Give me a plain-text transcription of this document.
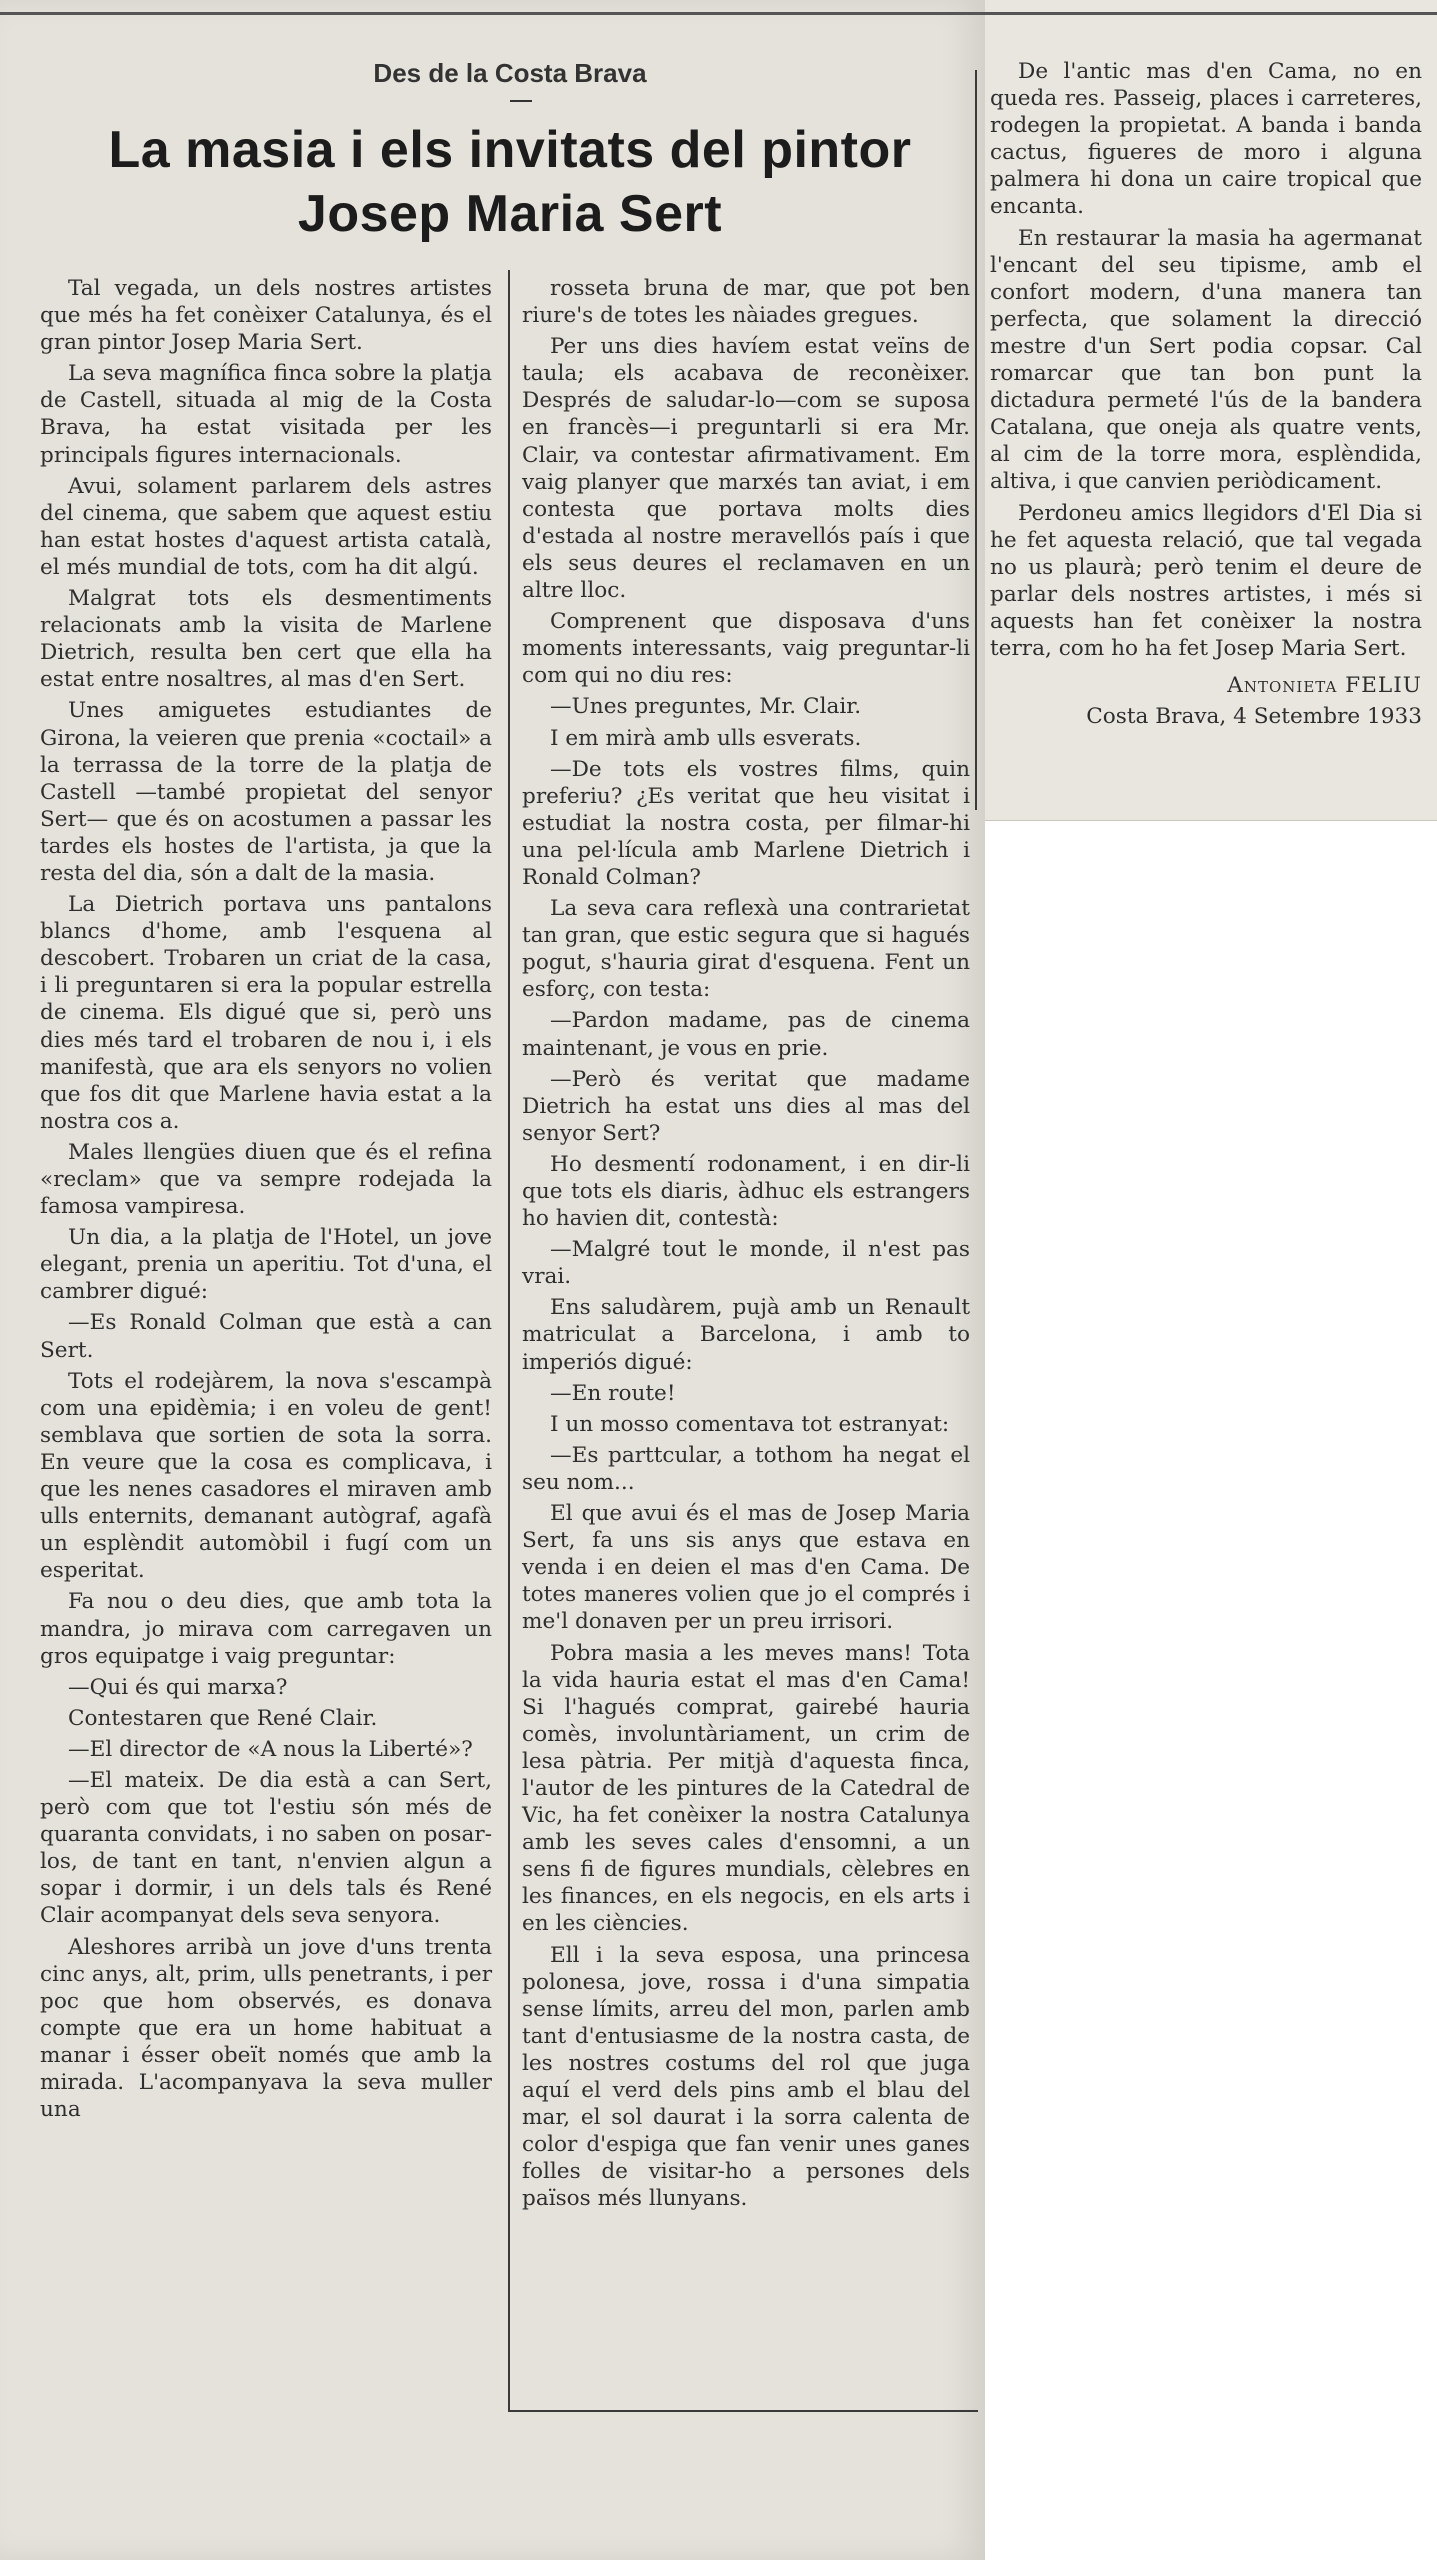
Des de la Costa Brava
La masia i els invitats del pintor
Josep Maria Sert

Tal vegada, un dels nostres artistes que més ha fet conèixer Catalunya, és el gran pintor Josep Maria Sert.

La seva magnífica finca sobre la platja de Castell, situada al mig de la Costa Brava, ha estat visitada per les principals figures internacionals.

Avui, solament parlarem dels astres del cinema, que sabem que aquest estiu han estat hostes d'aquest artista català, el més mundial de tots, com ha dit algú.

Malgrat tots els desmentiments relacionats amb la visita de Marlene Dietrich, resulta ben cert que ella ha estat entre nosaltres, al mas d'en Sert.

Unes amiguetes estudiantes de Girona, la veieren que prenia «coctail» a la terrassa de la torre de la platja de Castell —també propietat del senyor Sert— que és on acostumen a passar les tardes els hostes de l'artista, ja que la resta del dia, són a dalt de la masia.

La Dietrich portava uns pantalons blancs d'home, amb l'esquena al descobert. Trobaren un criat de la casa, i li preguntaren si era la popular estrella de cinema. Els digué que si, però uns dies més tard el trobaren de nou i, i els manifestà, que ara els senyors no volien que fos dit que Marlene havia estat a la nostra cos a.

Males llengües diuen que és el refina «reclam» que va sempre rodejada la famosa vampiresa.

Un dia, a la platja de l'Hotel, un jove elegant, prenia un aperitiu. Tot d'una, el cambrer digué:

—Es Ronald Colman que està a can Sert.

Tots el rodejàrem, la nova s'escampà com una epidèmia; i en voleu de gent! semblava que sortien de sota la sorra. En veure que la cosa es complicava, i que les nenes casadores el miraven amb ulls enternits, demanant autògraf, agafà un esplèndit automòbil i fugí com un esperitat.

Fa nou o deu dies, que amb tota la mandra, jo mirava com carregaven un gros equipatge i vaig preguntar:

—Qui és qui marxa?

Contestaren que René Clair.

—El director de «A nous la Liberté»?

—El mateix. De dia està a can Sert, però com que tot l'estiu són més de quaranta convidats, i no saben on posar-los, de tant en tant, n'envien algun a sopar i dormir, i un dels tals és René Clair acompanyat dels seva senyora.

Aleshores arribà un jove d'uns trenta cinc anys, alt, prim, ulls penetrants, i per poc que hom observés, es donava compte que era un home habituat a manar i ésser obeït només que amb la mirada. L'acompanyava la seva muller una

rosseta bruna de mar, que pot ben riure's de totes les nàiades gregues.

Per uns dies havíem estat veïns de taula; els acabava de reconèixer. Després de saludar-lo—com se suposa en francès—i preguntarli si era Mr. Clair, va contestar afirmativament. Em vaig planyer que marxés tan aviat, i em contesta que portava molts dies d'estada al nostre meravellós país i que els seus deures el reclamaven en un altre lloc.

Comprenent que disposava d'uns moments interessants, vaig preguntar-li com qui no diu res:

—Unes preguntes, Mr. Clair.

I em mirà amb ulls esverats.

—De tots els vostres films, quin preferiu? ¿Es veritat que heu visitat i estudiat la nostra costa, per filmar-hi una pel·lícula amb Marlene Dietrich i Ronald Colman?

La seva cara reflexà una contrarietat tan gran, que estic segura que si hagués pogut, s'hauria girat d'esquena. Fent un esforç, con testa:

—Pardon madame, pas de cinema maintenant, je vous en prie.

—Però és veritat que madame Dietrich ha estat uns dies al mas del senyor Sert?

Ho desmentí rodonament, i en dir-li que tots els diaris, àdhuc els estrangers ho havien dit, contestà:

—Malgré tout le monde, il n'est pas vrai.

Ens saludàrem, pujà amb un Renault matriculat a Barcelona, i amb to imperiós digué:

—En route!

I un mosso comentava tot estranyat:

—Es parttcular, a tothom ha negat el seu nom...

El que avui és el mas de Josep Maria Sert, fa uns sis anys que estava en venda i en deien el mas d'en Cama. De totes maneres volien que jo el comprés i me'l donaven per un preu irrisori.

Pobra masia a les meves mans! Tota la vida hauria estat el mas d'en Cama! Si l'hagués comprat, gairebé hauria comès, involuntàriament, un crim de lesa pàtria. Per mitjà d'aquesta finca, l'autor de les pintures de la Catedral de Vic, ha fet conèixer la nostra Catalunya amb les seves cales d'ensomni, a un sens fi de figures mundials, cèlebres en les finances, en els negocis, en els arts i en les ciències.

Ell i la seva esposa, una princesa polonesa, jove, rossa i d'una simpatia sense límits, arreu del mon, parlen amb tant d'entusiasme de la nostra casta, de les nostres costums del rol que juga aquí el verd dels pins amb el blau del mar, el sol daurat i la sorra calenta de color d'espiga que fan venir unes ganes folles de visitar-ho a persones dels països més llunyans.

De l'antic mas d'en Cama, no en queda res. Passeig, places i carreteres, rodegen la propietat. A banda i banda cactus, figueres de moro i alguna palmera hi dona un caire tropical que encanta.

En restaurar la masia ha agermanat l'encant del seu tipisme, amb el confort modern, d'una manera tan perfecta, que solament la direcció mestre d'un Sert podia copsar. Cal romarcar que tan bon punt la dictadura permeté l'ús de la bandera Catalana, que oneja als quatre vents, al cim de la torre mora, esplèndida, altiva, i que canvien periòdicament.

Perdoneu amics llegidors d'El Dia si he fet aquesta relació, que tal vegada no us plaurà; però tenim el deure de parlar dels nostres artistes, i més si aquests han fet conèixer la nostra terra, com ho ha fet Josep Maria Sert.

Antonieta FELIU
Costa Brava, 4 Setembre 1933
